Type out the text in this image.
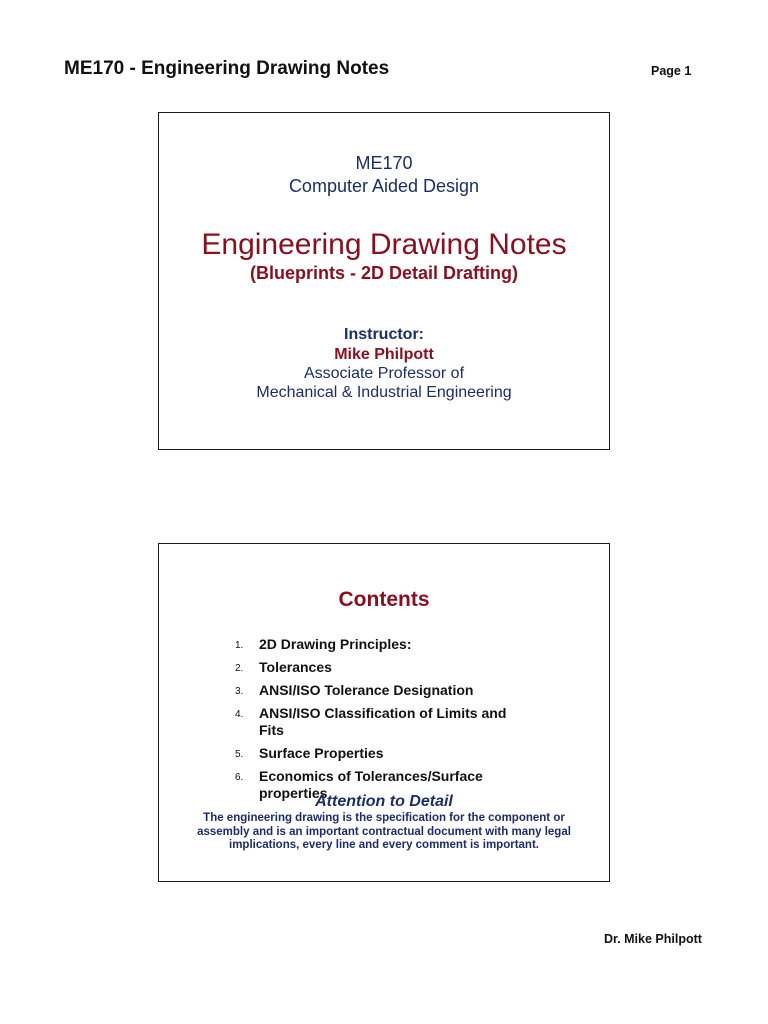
ME170 - Engineering Drawing Notes	Page 1
ME170
Computer Aided Design
Engineering Drawing Notes
(Blueprints - 2D Detail Drafting)
Instructor:
Mike Philpott
Associate Professor of
Mechanical & Industrial Engineering
Contents
1. 2D Drawing Principles:
2. Tolerances
3. ANSI/ISO Tolerance Designation
4. ANSI/ISO Classification of Limits and Fits
5. Surface Properties
6. Economics of Tolerances/Surface properties
Attention to Detail
The engineering drawing is the specification for the component or assembly and is an important contractual document with many legal implications, every line and every comment is important.
Dr. Mike Philpott
